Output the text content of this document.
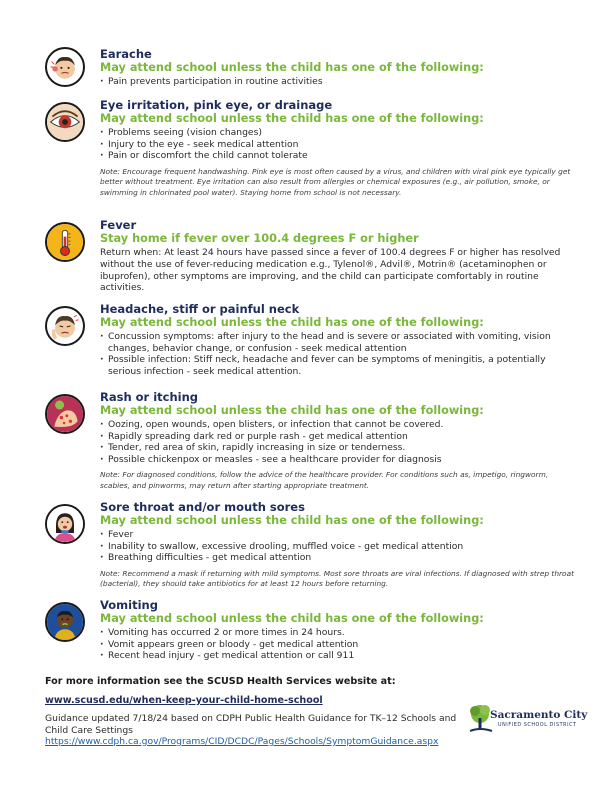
Earache
May attend school unless the child has one of the following:
· Pain prevents participation in routine activities
Eye irritation, pink eye, or drainage
May attend school unless the child has one of the following:
· Problems seeing (vision changes)
· Injury to the eye - seek medical attention
· Pain or discomfort the child cannot tolerate
Note: Encourage frequent handwashing. Pink eye is most often caused by a virus, and children with viral pink eye typically get better without treatment. Eye irritation can also result from allergies or chemical exposures (e.g., air pollution, smoke, or swimming in chlorinated pool water). Staying home from school is not necessary.
Fever
Stay home if fever over 100.4 degrees F or higher
Return when: At least 24 hours have passed since a fever of 100.4 degrees F or higher has resolved without the use of fever-reducing medication e.g., Tylenol®, Advil®, Motrin® (acetaminophen or ibuprofen), other symptoms are improving, and the child can participate comfortably in routine activities.
Headache, stiff or painful neck
May attend school unless the child has one of the following:
· Concussion symptoms: after injury to the head and is severe or associated with vomiting, vision changes, behavior change, or confusion - seek medical attention
· Possible infection: Stiff neck, headache and fever can be symptoms of meningitis, a potentially serious infection - seek medical attention.
Rash or itching
May attend school unless the child has one of the following:
· Oozing, open wounds, open blisters, or infection that cannot be covered.
· Rapidly spreading dark red or purple rash - get medical attention
· Tender, red area of skin, rapidly increasing in size or tenderness.
· Possible chickenpox or measles - see a healthcare provider for diagnosis
Note: For diagnosed conditions, follow the advice of the healthcare provider. For conditions such as, impetigo, ringworm, scabies, and pinworms, may return after starting appropriate treatment.
Sore throat and/or mouth sores
May attend school unless the child has one of the following:
· Fever
· Inability to swallow, excessive drooling, muffled voice - get medical attention
· Breathing difficulties - get medical attention
Note: Recommend a mask if returning with mild symptoms. Most sore throats are viral infections. If diagnosed with strep throat (bacterial), they should take antibiotics for at least 12 hours before returning.
Vomiting
May attend school unless the child has one of the following:
· Vomiting has occurred 2 or more times in 24 hours.
· Vomit appears green or bloody - get medical attention
· Recent head injury - get medical attention or call 911
For more information see the SCUSD Health Services website at:
www.scusd.edu/when-keep-your-child-home-school
Guidance updated 7/18/24 based on CDPH Public Health Guidance for TK–12 Schools and Child Care Settings https://www.cdph.ca.gov/Programs/CID/DCDC/Pages/Schools/SymptomGuidance.aspx
Sacramento City
UNIFIED SCHOOL DISTRICT
